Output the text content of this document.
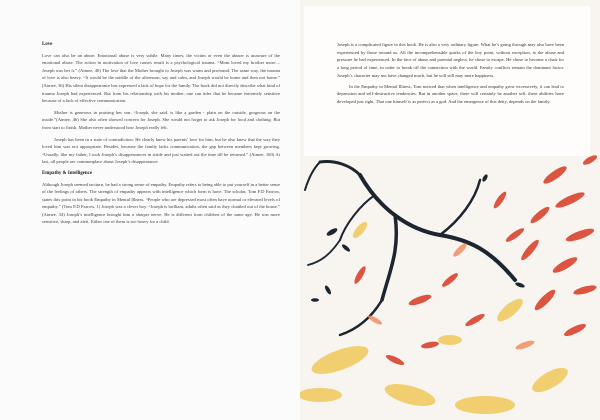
Love

Love can also be an abuse. Emotional abuse is very subtle. Many times, the victim or even the abuser is unaware of the emotional abuse. The action in motivation of love causes result is a psychological trauma. “Mom loved my brother more.... Joseph was her it.” (Aimee, 40) The love that the Mother brought to Joseph was warm and profound. The same way, the trauma of love is also heavy. “It would be the middle of the afternoon, say and calm, and Joseph would be home and then not home.” (Aimee, 36) His silent disappearance has expressed a lack of hope for the family. The book did not directly describe what kind of trauma Joseph had experienced. But from his relationship with his mother, one can infer that he became extremely sensitive because of a lack of effective communication.

Mother is generous in praising her son. “Joseph, she said, is like a garden - plain on the outside, gorgeous on the inside.”(Aimee, 46) She also often showed concern for Joseph. She would not forget to ask Joseph for food and clothing. But from start to finish, Mother never understood how Joseph really felt.

Joseph has been in a state of contradiction. He clearly knew his parents’ love for him, but he also knew that the way they loved him was not appropriate. Besides, because the family lacks communication, the gap between members kept growing. “Usually, like my father, I took Joseph’s disappearances in stride and just waited out the time till he returned.” (Aimee, 160) At last, all people are commonplace about Joseph’s disappearance.

Empathy & Intelligence

Although Joseph seemed taciturn, he had a strong sense of empathy. Empathy refers to being able to put yourself in a better sense of the feelings of others. The strength of empathy appears with intelligence which form is have. The scholar, Tom F.D Farrow, states this point in his book Empathy in Mental Illness. “People who are depressed most often have normal or elevated levels of empathy.” (Tom F.D Farrow, 1) Joseph was a clever boy. “Joseph is brilliant, adults often said as they chattled out of the house.” (Aimee, 34) Joseph’s intelligence brought him a sharper nerve. He is different from children of the same age. He was more sensitive, sharp, and alert. Either one of them is too heavy for a child.

Joseph is a complicated figure in this book. He is also a very ordinary figure. What he’s going through may also have been experienced by those around us. All the incomprehensible quirks of the boy point, without exception, to the abuse and pressure he had experienced. In the face of abuse and parental neglect, he chose to escape. He chose to become a chair for a long period of time, in order to break off the connection with the world. Family conflicts remain the dominant factor. Joseph’s character may not have changed much, but he will still may more happiness.

In the Empathy in Mental Illness, Tom noticed that when intelligence and empathy grow excessively, it can lead to depression and self-destructive tendencies. But in another space, there will certainly be another self, these abilities have developed just right. That one himself is as perfect as a god. And the emergence of this deity, depends on the family.
